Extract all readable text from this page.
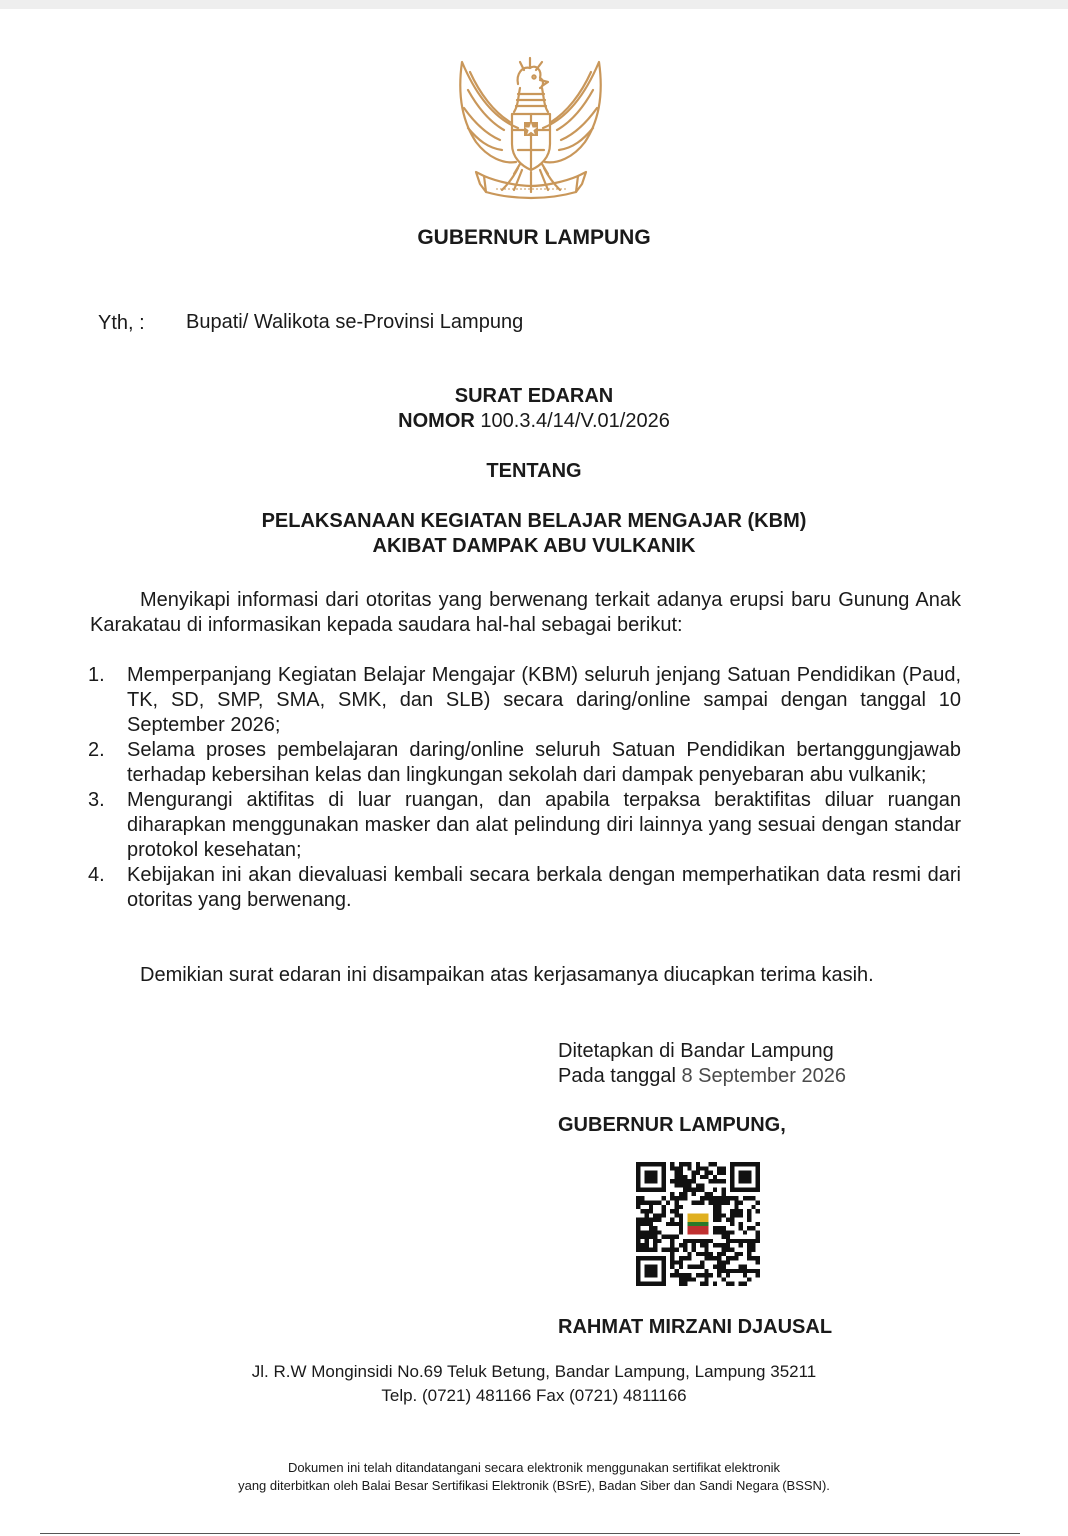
GUBERNUR LAMPUNG
Yth, : Bupati/ Walikota se-Provinsi Lampung
SURAT EDARAN
NOMOR 100.3.4/14/V.01/2026
TENTANG
PELAKSANAAN KEGIATAN BELAJAR MENGAJAR (KBM)
AKIBAT DAMPAK ABU VULKANIK
Menyikapi informasi dari otoritas yang berwenang terkait adanya erupsi baru Gunung Anak Karakatau di informasikan kepada saudara hal-hal sebagai berikut:
1.	Memperpanjang Kegiatan Belajar Mengajar (KBM) seluruh jenjang Satuan Pendidikan (Paud, TK, SD, SMP, SMA, SMK, dan SLB) secara daring/online sampai dengan tanggal 10 September 2026;
2.	Selama proses pembelajaran daring/online seluruh Satuan Pendidikan bertanggungjawab terhadap kebersihan kelas dan lingkungan sekolah dari dampak penyebaran abu vulkanik;
3.	Mengurangi aktifitas di luar ruangan, dan apabila terpaksa beraktifitas diluar ruangan diharapkan menggunakan masker dan alat pelindung diri lainnya yang sesuai dengan standar protokol kesehatan;
4.	Kebijakan ini akan dievaluasi kembali secara berkala dengan memperhatikan data resmi dari otoritas yang berwenang.
Demikian surat edaran ini disampaikan atas kerjasamanya diucapkan terima kasih.
Ditetapkan di Bandar Lampung
Pada tanggal 8 September 2026
GUBERNUR LAMPUNG,
RAHMAT MIRZANI DJAUSAL
Jl. R.W Monginsidi No.69 Teluk Betung, Bandar Lampung, Lampung 35211
Telp. (0721) 481166 Fax (0721) 4811166
Dokumen ini telah ditandatangani secara elektronik menggunakan sertifikat elektronik
yang diterbitkan oleh Balai Besar Sertifikasi Elektronik (BSrE), Badan Siber dan Sandi Negara (BSSN).
